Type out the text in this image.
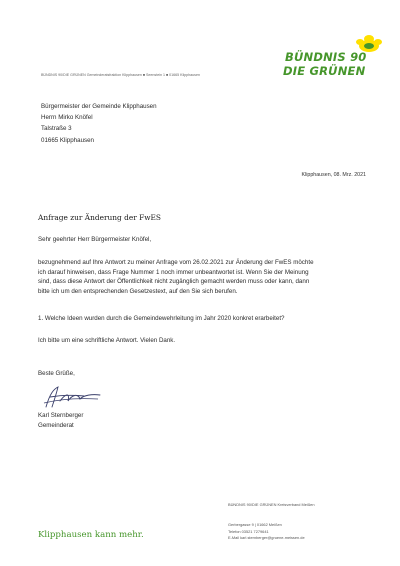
BÜNDNIS 90
DIE GRÜNEN
BÜNDNIS 90/DIE GRÜNEN Gemeinderatsfraktion Klipphausen ■ Seenstein 1 ■ 01665 Klipphausen
Bürgermeister der Gemeinde Klipphausen
Herrn Mirko Knöfel
Talstraße 3
01665 Klipphausen
Klipphausen, 08. Mrz. 2021
Anfrage zur Änderung der FwES
Sehr geehrter Herr Bürgermeister Knöfel,
bezugnehmend auf Ihre Antwort zu meiner Anfrage vom 26.02.2021 zur Änderung der FwES möchte
ich darauf hinweisen, dass Frage Nummer 1 noch immer unbeantwortet ist. Wenn Sie der Meinung
sind, dass diese Antwort der Öffentlichkeit nicht zugänglich gemacht werden muss oder kann, dann
bitte ich um den entsprechenden Gesetzestext, auf den Sie sich berufen.
1. Welche Ideen wurden durch die Gemeindewehrleitung im Jahr 2020 konkret erarbeitet?
Ich bitte um eine schriftliche Antwort. Vielen Dank.
Beste Grüße,
Karl Sternberger
Gemeinderat
BÜNDNIS 90/DIE GRÜNEN Kreisverband Meißen
Gerbergasse 9 | 01662 Meißen
Telefon 03521 7279641
E-Mail karl.sternberger@gruene-meissen.de
Klipphausen kann mehr.
